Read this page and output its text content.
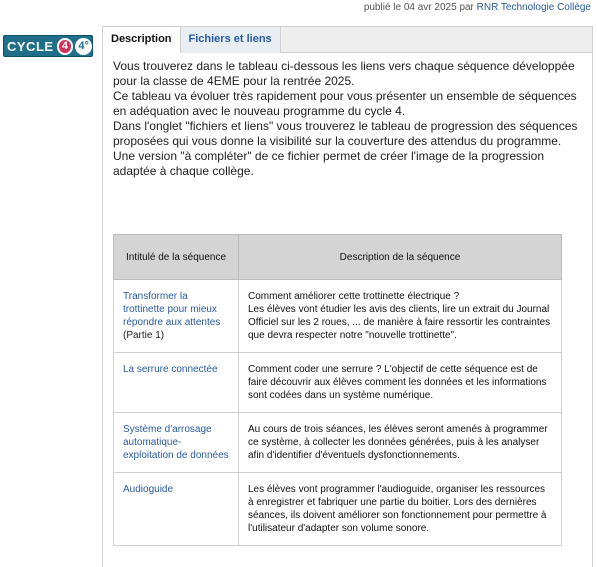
publié le 04 avr 2025 par RNR Technologie Collège
CYCLE 4 4°
Description	Fichiers et liens

Vous trouverez dans le tableau ci-dessous les liens vers chaque séquence développée pour la classe de 4EME pour la rentrée 2025.

Ce tableau va évoluer très rapidement pour vous présenter un ensemble de séquences en adéquation avec le nouveau programme du cycle 4.

Dans l'onglet "fichiers et liens" vous trouverez le tableau de progression des séquences proposées qui vous donne la visibilité sur la couverture des attendus du programme.

Une version "à compléter" de ce fichier permet de créer l'image de la progression adaptée à chaque collège.

Intitulé de la séquence	Description de la séquence
Transformer la trottinette pour mieux répondre aux attentes (Partie 1)	Comment améliorer cette trottinette électrique ?
Les élèves vont étudier les avis des clients, lire un extrait du Journal Officiel sur les 2 roues, ... de manière à faire ressortir les contraintes que devra respecter notre "nouvelle trottinette".
La serrure connectée	Comment coder une serrure ? L'objectif de cette séquence est de faire découvrir aux élèves comment les données et les informations sont codées dans un système numérique.
Système d'arrosage automatique-exploitation de données	Au cours de trois séances, les élèves seront amenés à programmer ce système, à collecter les données générées, puis à les analyser afin d'identifier d'éventuels dysfonctionnements.
Audioguide	Les élèves vont programmer l'audioguide, organiser les ressources à enregistrer et fabriquer une partie du boitier. Lors des dernières séances, ils doivent améliorer son fonctionnement pour permettre à l'utilisateur d'adapter son volume sonore.
